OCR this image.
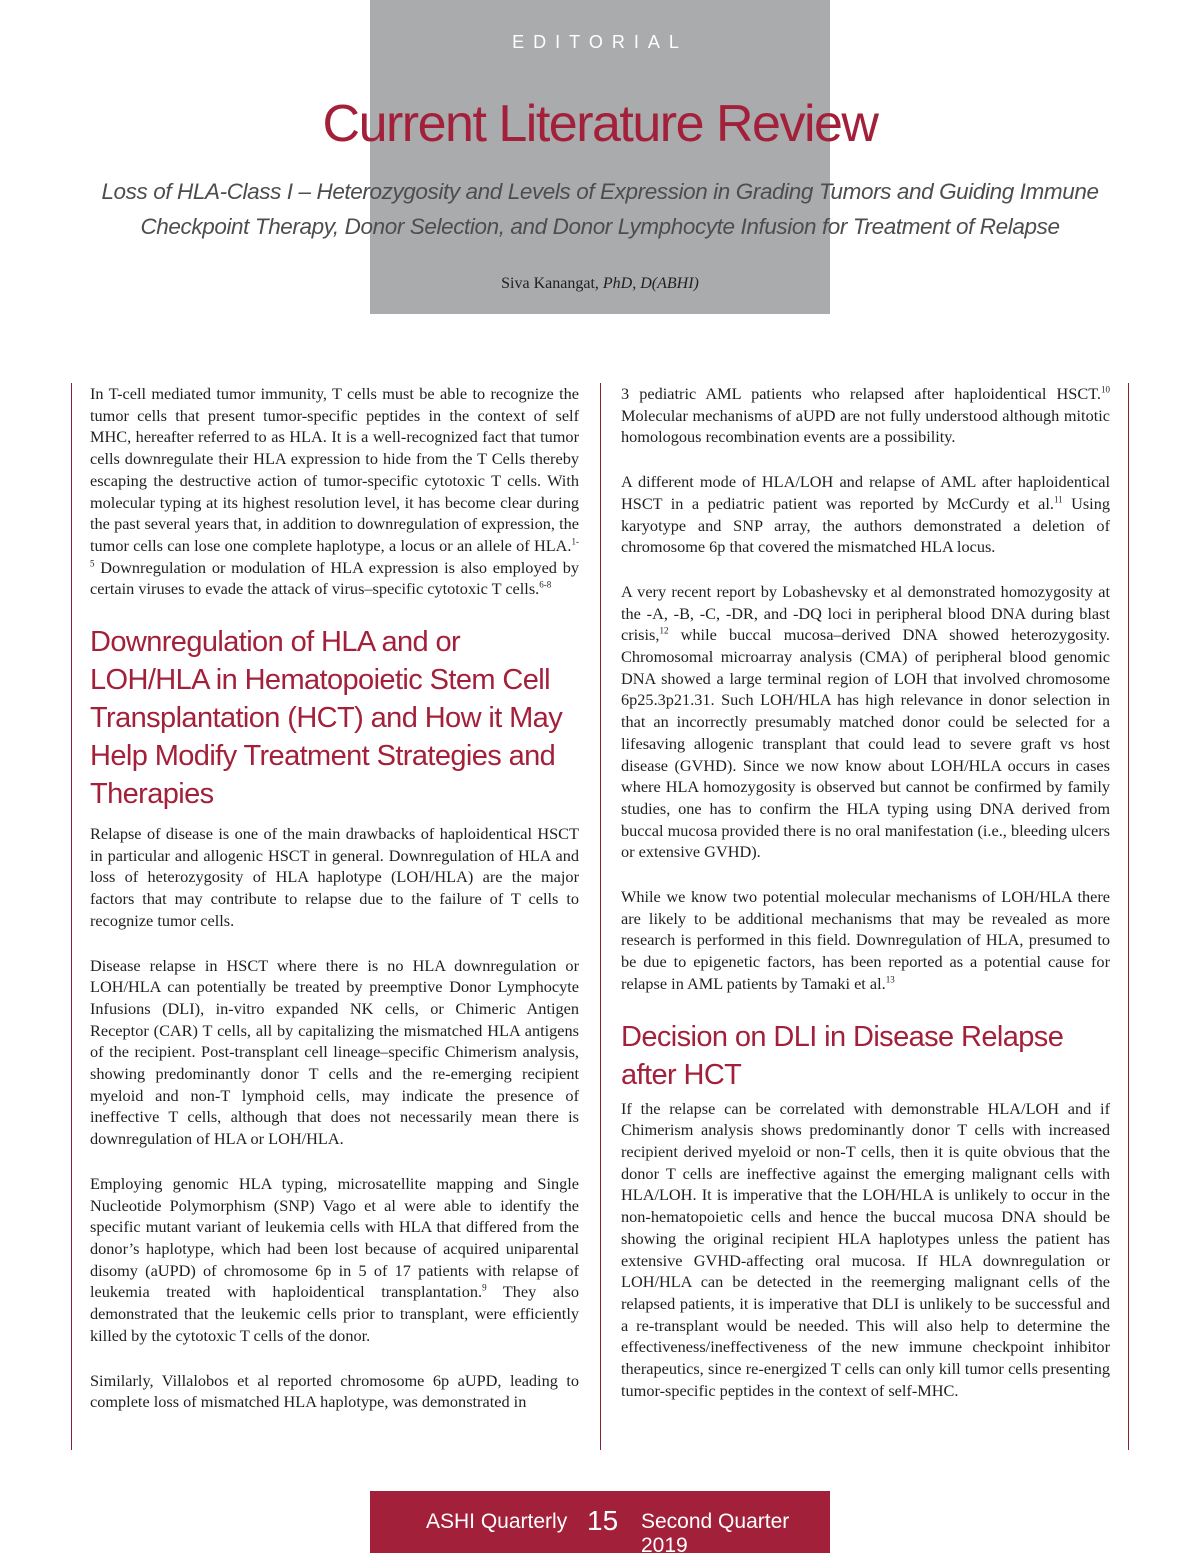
EDITORIAL
Current Literature Review
Loss of HLA-Class I – Heterozygosity and Levels of Expression in Grading Tumors and Guiding Immune
Checkpoint Therapy, Donor Selection, and Donor Lymphocyte Infusion for Treatment of Relapse
Siva Kanangat, PhD, D(ABHI)

In T-cell mediated tumor immunity, T cells must be able to recognize the tumor cells that present tumor-specific peptides in the context of self MHC, hereafter referred to as HLA. It is a well-recognized fact that tumor cells downregulate their HLA expression to hide from the T Cells thereby escaping the destructive action of tumor-specific cytotoxic T cells. With molecular typing at its highest resolution level, it has become clear during the past several years that, in addition to downregulation of expression, the tumor cells can lose one complete haplotype, a locus or an allele of HLA.$^{1-5}$ Downregulation or modulation of HLA expression is also employed by certain viruses to evade the attack of virus–specific cytotoxic T cells.$^{6-8}$

Downregulation of HLA and or LOH/HLA in Hematopoietic Stem Cell Transplantation (HCT) and How it May Help Modify Treatment Strategies and Therapies

Relapse of disease is one of the main drawbacks of haploidentical HSCT in particular and allogenic HSCT in general. Downregulation of HLA and loss of heterozygosity of HLA haplotype (LOH/HLA) are the major factors that may contribute to relapse due to the failure of T cells to recognize tumor cells.

Disease relapse in HSCT where there is no HLA downregulation or LOH/HLA can potentially be treated by preemptive Donor Lymphocyte Infusions (DLI), in-vitro expanded NK cells, or Chimeric Antigen Receptor (CAR) T cells, all by capitalizing the mismatched HLA antigens of the recipient. Post-transplant cell lineage–specific Chimerism analysis, showing predominantly donor T cells and the re-emerging recipient myeloid and non-T lymphoid cells, may indicate the presence of ineffective T cells, although that does not necessarily mean there is downregulation of HLA or LOH/HLA.

Employing genomic HLA typing, microsatellite mapping and Single Nucleotide Polymorphism (SNP) Vago et al were able to identify the specific mutant variant of leukemia cells with HLA that differed from the donor’s haplotype, which had been lost because of acquired uniparental disomy (aUPD) of chromosome 6p in 5 of 17 patients with relapse of leukemia treated with haploidentical transplantation.$^9$ They also demonstrated that the leukemic cells prior to transplant, were efficiently killed by the cytotoxic T cells of the donor.

Similarly, Villalobos et al reported chromosome 6p aUPD, leading to complete loss of mismatched HLA haplotype, was demonstrated in

3 pediatric AML patients who relapsed after haploidentical HSCT.$^{10}$ Molecular mechanisms of aUPD are not fully understood although mitotic homologous recombination events are a possibility.

A different mode of HLA/LOH and relapse of AML after haploidentical HSCT in a pediatric patient was reported by McCurdy et al.$^{11}$ Using karyotype and SNP array, the authors demonstrated a deletion of chromosome 6p that covered the mismatched HLA locus.

A very recent report by Lobashevsky et al demonstrated homozygosity at the -A, -B, -C, -DR, and -DQ loci in peripheral blood DNA during blast crisis,$^{12}$ while buccal mucosa–derived DNA showed heterozygosity. Chromosomal microarray analysis (CMA) of peripheral blood genomic DNA showed a large terminal region of LOH that involved chromosome 6p25.3p21.31. Such LOH/HLA has high relevance in donor selection in that an incorrectly presumably matched donor could be selected for a lifesaving allogenic transplant that could lead to severe graft vs host disease (GVHD). Since we now know about LOH/HLA occurs in cases where HLA homozygosity is observed but cannot be confirmed by family studies, one has to confirm the HLA typing using DNA derived from buccal mucosa provided there is no oral manifestation (i.e., bleeding ulcers or extensive GVHD).

While we know two potential molecular mechanisms of LOH/HLA there are likely to be additional mechanisms that may be revealed as more research is performed in this field. Downregulation of HLA, presumed to be due to epigenetic factors, has been reported as a potential cause for relapse in AML patients by Tamaki et al.$^{13}$

Decision on DLI in Disease Relapse after HCT

If the relapse can be correlated with demonstrable HLA/LOH and if Chimerism analysis shows predominantly donor T cells with increased recipient derived myeloid or non-T cells, then it is quite obvious that the donor T cells are ineffective against the emerging malignant cells with HLA/LOH. It is imperative that the LOH/HLA is unlikely to occur in the non-hematopoietic cells and hence the buccal mucosa DNA should be showing the original recipient HLA haplotypes unless the patient has extensive GVHD-affecting oral mucosa. If HLA downregulation or LOH/HLA can be detected in the reemerging malignant cells of the relapsed patients, it is imperative that DLI is unlikely to be successful and a re-transplant would be needed. This will also help to determine the effectiveness/ineffectiveness of the new immune checkpoint inhibitor therapeutics, since re-energized T cells can only kill tumor cells presenting tumor-specific peptides in the context of self-MHC.

ASHI Quarterly 15 Second Quarter 2019
